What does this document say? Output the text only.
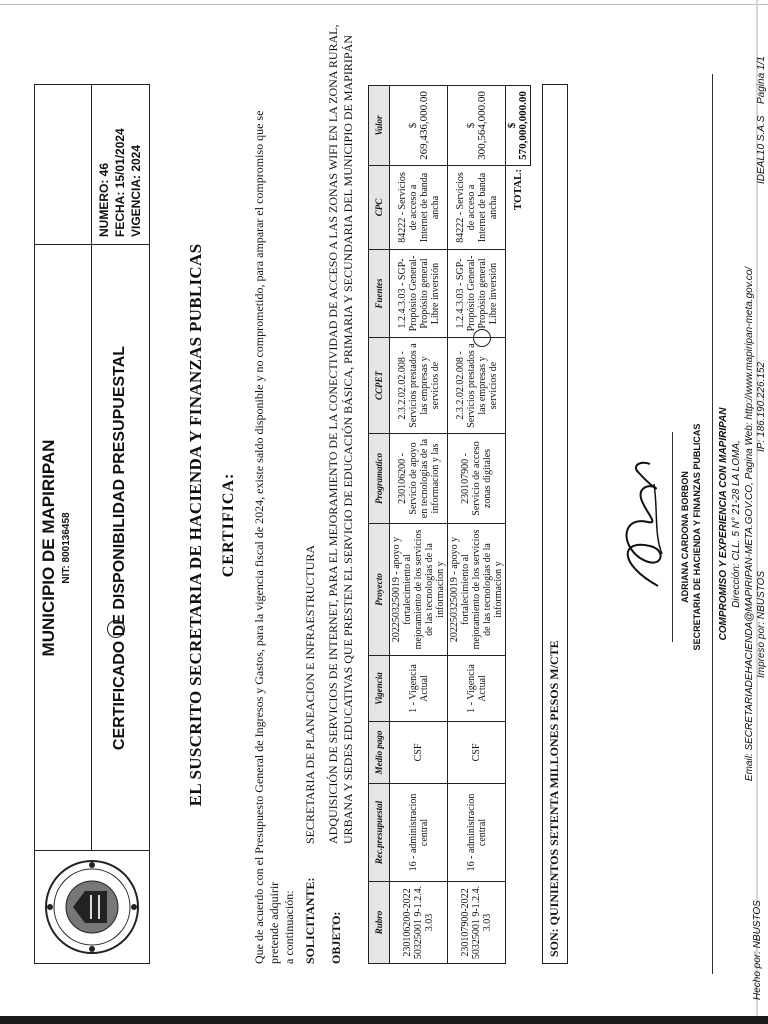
MUNICIPIO DE MAPIRIPAN NIT: 800136458 CERTIFICADO DE DISPONIBILIDAD PRESUPUESTAL
NUMERO: 46 FECHA: 15/01/2024 VIGENCIA: 2024
EL SUSCRITO SECRETARIA DE HACIENDA Y FINANZAS PUBLICAS CERTIFICA: Que de acuerdo con el Presupuesto General de Ingresos y Gastos, para la vigencia fiscal de 2024, existe saldo disponible y no comprometido, para amparar el compromiso que se pretende adquirir a continuación: SOLICITANTE:
SECRETARIA DE PLANEACION E INFRAESTRUCTURA
OBJETO:
ADQUISICIÓN DE SERVICIOS DE INTERNET, PARA EL MEJORAMIENTO DE LA CONECTIVIDAD DE ACCESO A LAS ZONAS WIFI EN LA ZONA RURAL, URBANA Y SEDES EDUCATIVAS QUE PRESTEN EL SERVICIO DE EDUCACIÓN BÁSICA, PRIMARIA Y SECUNDARIA DEL MUNICIPIO DE MAPIRIPÁN
Rubro	Rec.presupuestal	Medio pago	Vigencia	Proyecto	Programatico	CCPET	Fuentes	CPC	Valor
230106200-2022 50325001 9-1.2.4. 3.03	16 - administracion central	CSF	1 - Vigencia Actual	2022503250019 - apoyo y fortalecimiento al mejoramiento de los servicios de las tecnologias de la informacion y	230106200 - Servicio de apoyo en tecnologias de la informacion y las	2.3.2.02.02.008 - Servicios prestados a las empresas y servicios de	1.2.4.3.03 - SGP-Propósito General-Propósito general Libre inversión	84222 - Servicios de acceso a Internet de banda ancha	$ 269,436,000.00
230107900-2022 50325001 9-1.2.4. 3.03	16 - administracion central	CSF	1 - Vigencia Actual	2022503250019 - apoyo y fortalecimiento al mejoramiento de los servicios de las tecnologias de la informacion y	230107900 - Servicio de acceso zonas digitales	2.3.2.02.02.008 - Servicios prestados a las empresas y servicios de	1.2.4.3.03 - SGP-Propósito General-Propósito general Libre inversión	84222 - Servicios de acceso a Internet de banda ancha	$ 300,564,000.00
							TOTAL:		$ 570,000,000.00
SON: QUINIENTOS SETENTA MILLONES PESOS M/CTE
ADRIANA CARDONA BORBON SECRETARIA DE HACIENDA Y FINANZAS PUBLICAS COMPROMISO Y EXPERIENCIA CON MAPIRIPAN Dirección: CLL. 5 N° 21-28 LA LOMA, Email: SECRETARIADEHACIENDA@MAPIRIPAN-META.GOV.CO, Pagina Web: http://www.mapiripan-meta.gov.co/ IP: 186.190.226.152
Hecho por: NBUSTOS
Impreso por: NBUSTOS
IDEAL10 S.A.S
Pagina 1/1
